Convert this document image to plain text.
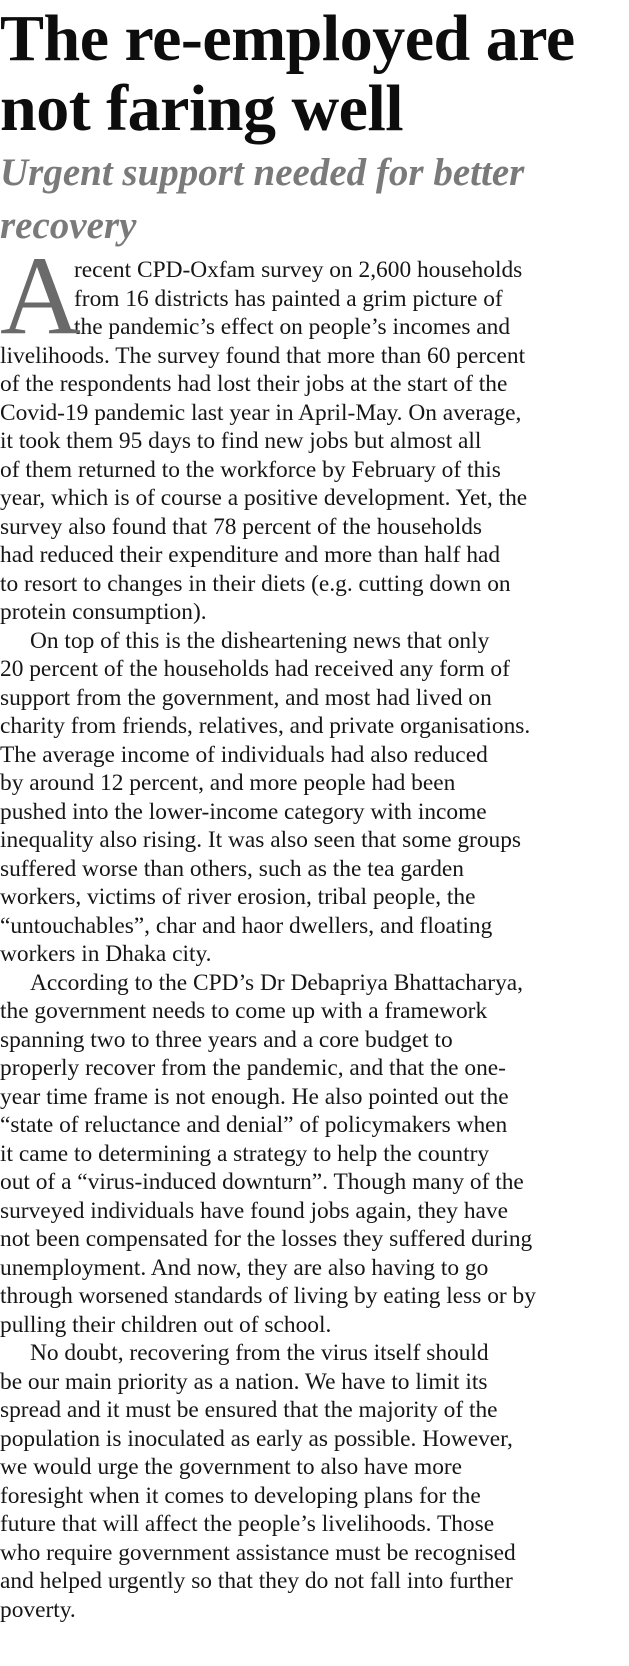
The re-employed are
not faring well
Urgent support needed for better
recovery
A
recent CPD-Oxfam survey on 2,600 households
from 16 districts has painted a grim picture of
the pandemic’s effect on people’s incomes and
livelihoods. The survey found that more than 60 percent
of the respondents had lost their jobs at the start of the
Covid-19 pandemic last year in April-May. On average,
it took them 95 days to find new jobs but almost all
of them returned to the workforce by February of this
year, which is of course a positive development. Yet, the
survey also found that 78 percent of the households
had reduced their expenditure and more than half had
to resort to changes in their diets (e.g. cutting down on
protein consumption).
On top of this is the disheartening news that only
20 percent of the households had received any form of
support from the government, and most had lived on
charity from friends, relatives, and private organisations.
The average income of individuals had also reduced
by around 12 percent, and more people had been
pushed into the lower-income category with income
inequality also rising. It was also seen that some groups
suffered worse than others, such as the tea garden
workers, victims of river erosion, tribal people, the
“untouchables”, char and haor dwellers, and floating
workers in Dhaka city.
According to the CPD’s Dr Debapriya Bhattacharya,
the government needs to come up with a framework
spanning two to three years and a core budget to
properly recover from the pandemic, and that the one-
year time frame is not enough. He also pointed out the
“state of reluctance and denial” of policymakers when
it came to determining a strategy to help the country
out of a “virus-induced downturn”. Though many of the
surveyed individuals have found jobs again, they have
not been compensated for the losses they suffered during
unemployment. And now, they are also having to go
through worsened standards of living by eating less or by
pulling their children out of school.
No doubt, recovering from the virus itself should
be our main priority as a nation. We have to limit its
spread and it must be ensured that the majority of the
population is inoculated as early as possible. However,
we would urge the government to also have more
foresight when it comes to developing plans for the
future that will affect the people’s livelihoods. Those
who require government assistance must be recognised
and helped urgently so that they do not fall into further
poverty.
